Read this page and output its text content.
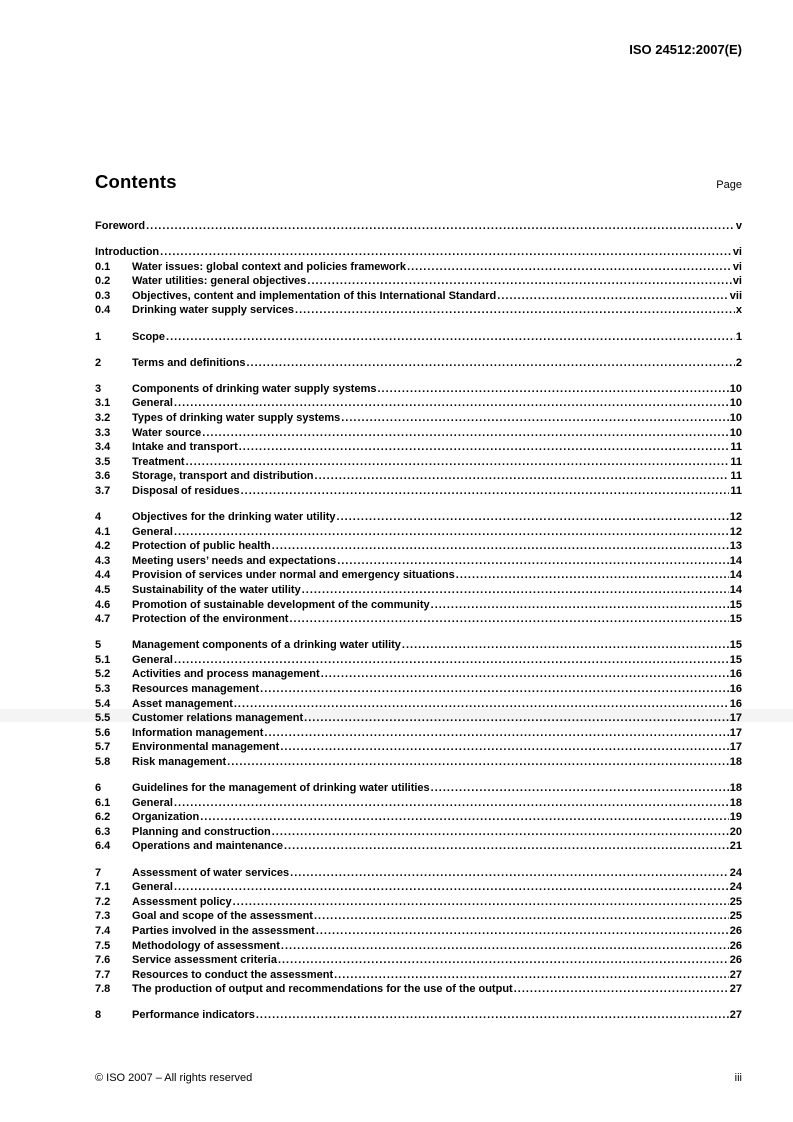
ISO 24512:2007(E)
Contents	Page
Foreword .....	v
Introduction .....	vi
0.1	Water issues: global context and policies framework .....	vi
0.2	Water utilities: general objectives .....	vi
0.3	Objectives, content and implementation of this International Standard .....	vii
0.4	Drinking water supply services .....	x
1	Scope .....	1
2	Terms and definitions .....	2
3	Components of drinking water supply systems .....	10
3.1	General .....	10
3.2	Types of drinking water supply systems .....	10
3.3	Water source .....	10
3.4	Intake and transport .....	11
3.5	Treatment .....	11
3.6	Storage, transport and distribution .....	11
3.7	Disposal of residues .....	11
4	Objectives for the drinking water utility .....	12
4.1	General .....	12
4.2	Protection of public health .....	13
4.3	Meeting users’ needs and expectations .....	14
4.4	Provision of services under normal and emergency situations .....	14
4.5	Sustainability of the water utility .....	14
4.6	Promotion of sustainable development of the community .....	15
4.7	Protection of the environment .....	15
5	Management components of a drinking water utility .....	15
5.1	General .....	15
5.2	Activities and process management .....	16
5.3	Resources management .....	16
5.4	Asset management .....	16
5.5	Customer relations management .....	17
5.6	Information management .....	17
5.7	Environmental management .....	17
5.8	Risk management .....	18
6	Guidelines for the management of drinking water utilities .....	18
6.1	General .....	18
6.2	Organization .....	19
6.3	Planning and construction .....	20
6.4	Operations and maintenance .....	21
7	Assessment of water services .....	24
7.1	General .....	24
7.2	Assessment policy .....	25
7.3	Goal and scope of the assessment .....	25
7.4	Parties involved in the assessment .....	26
7.5	Methodology of assessment .....	26
7.6	Service assessment criteria .....	26
7.7	Resources to conduct the assessment .....	27
7.8	The production of output and recommendations for the use of the output .....	27
8	Performance indicators .....	27
© ISO 2007 – All rights reserved	iii
